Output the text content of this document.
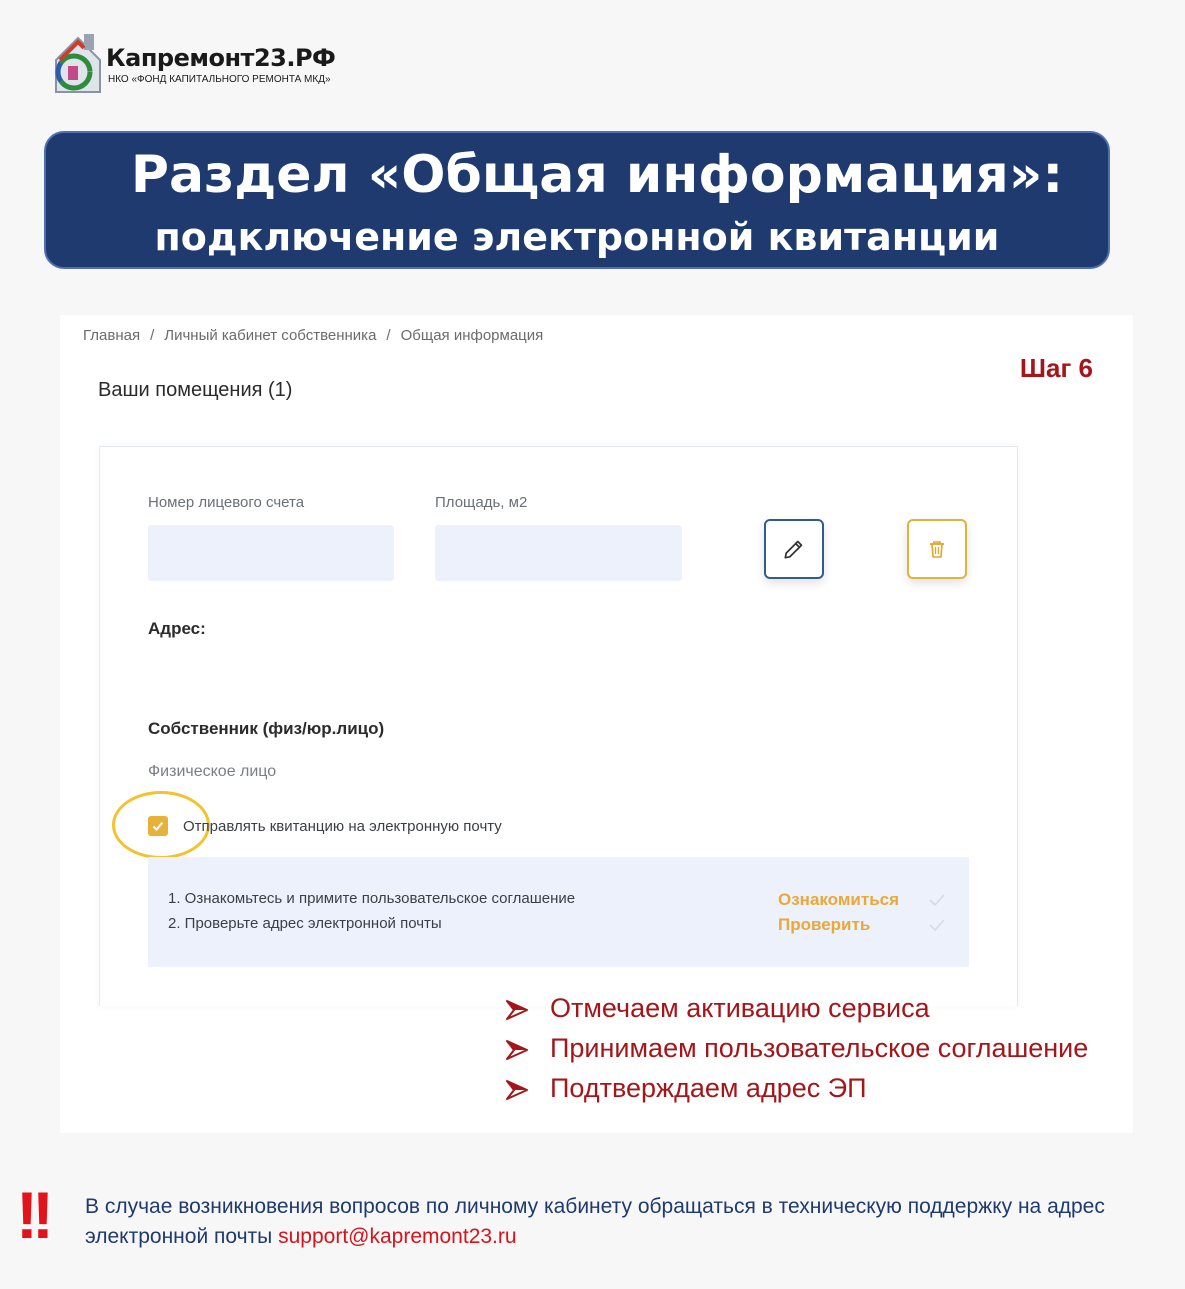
Капремонт23.РФ
НКО «ФОНД КАПИТАЛЬНОГО РЕМОНТА МКД»
Раздел «Общая информация»:
подключение электронной квитанции
Главная / Личный кабинет собственника / Общая информация
Шаг 6
Ваши помещения (1)
Номер лицевого счета	Площадь, м2
Адрес:
Собственник (физ/юр.лицо)
Физическое лицо
Отправлять квитанцию на электронную почту
1. Ознакомьтесь и примите пользовательское соглашение
2. Проверьте адрес электронной почты
Ознакомиться
Проверить
Отмечаем активацию сервиса
Принимаем пользовательское соглашение
Подтверждаем адрес ЭП
!! В случае возникновения вопросов по личному кабинету обращаться в техническую поддержку на адрес электронной почты support@kapremont23.ru
